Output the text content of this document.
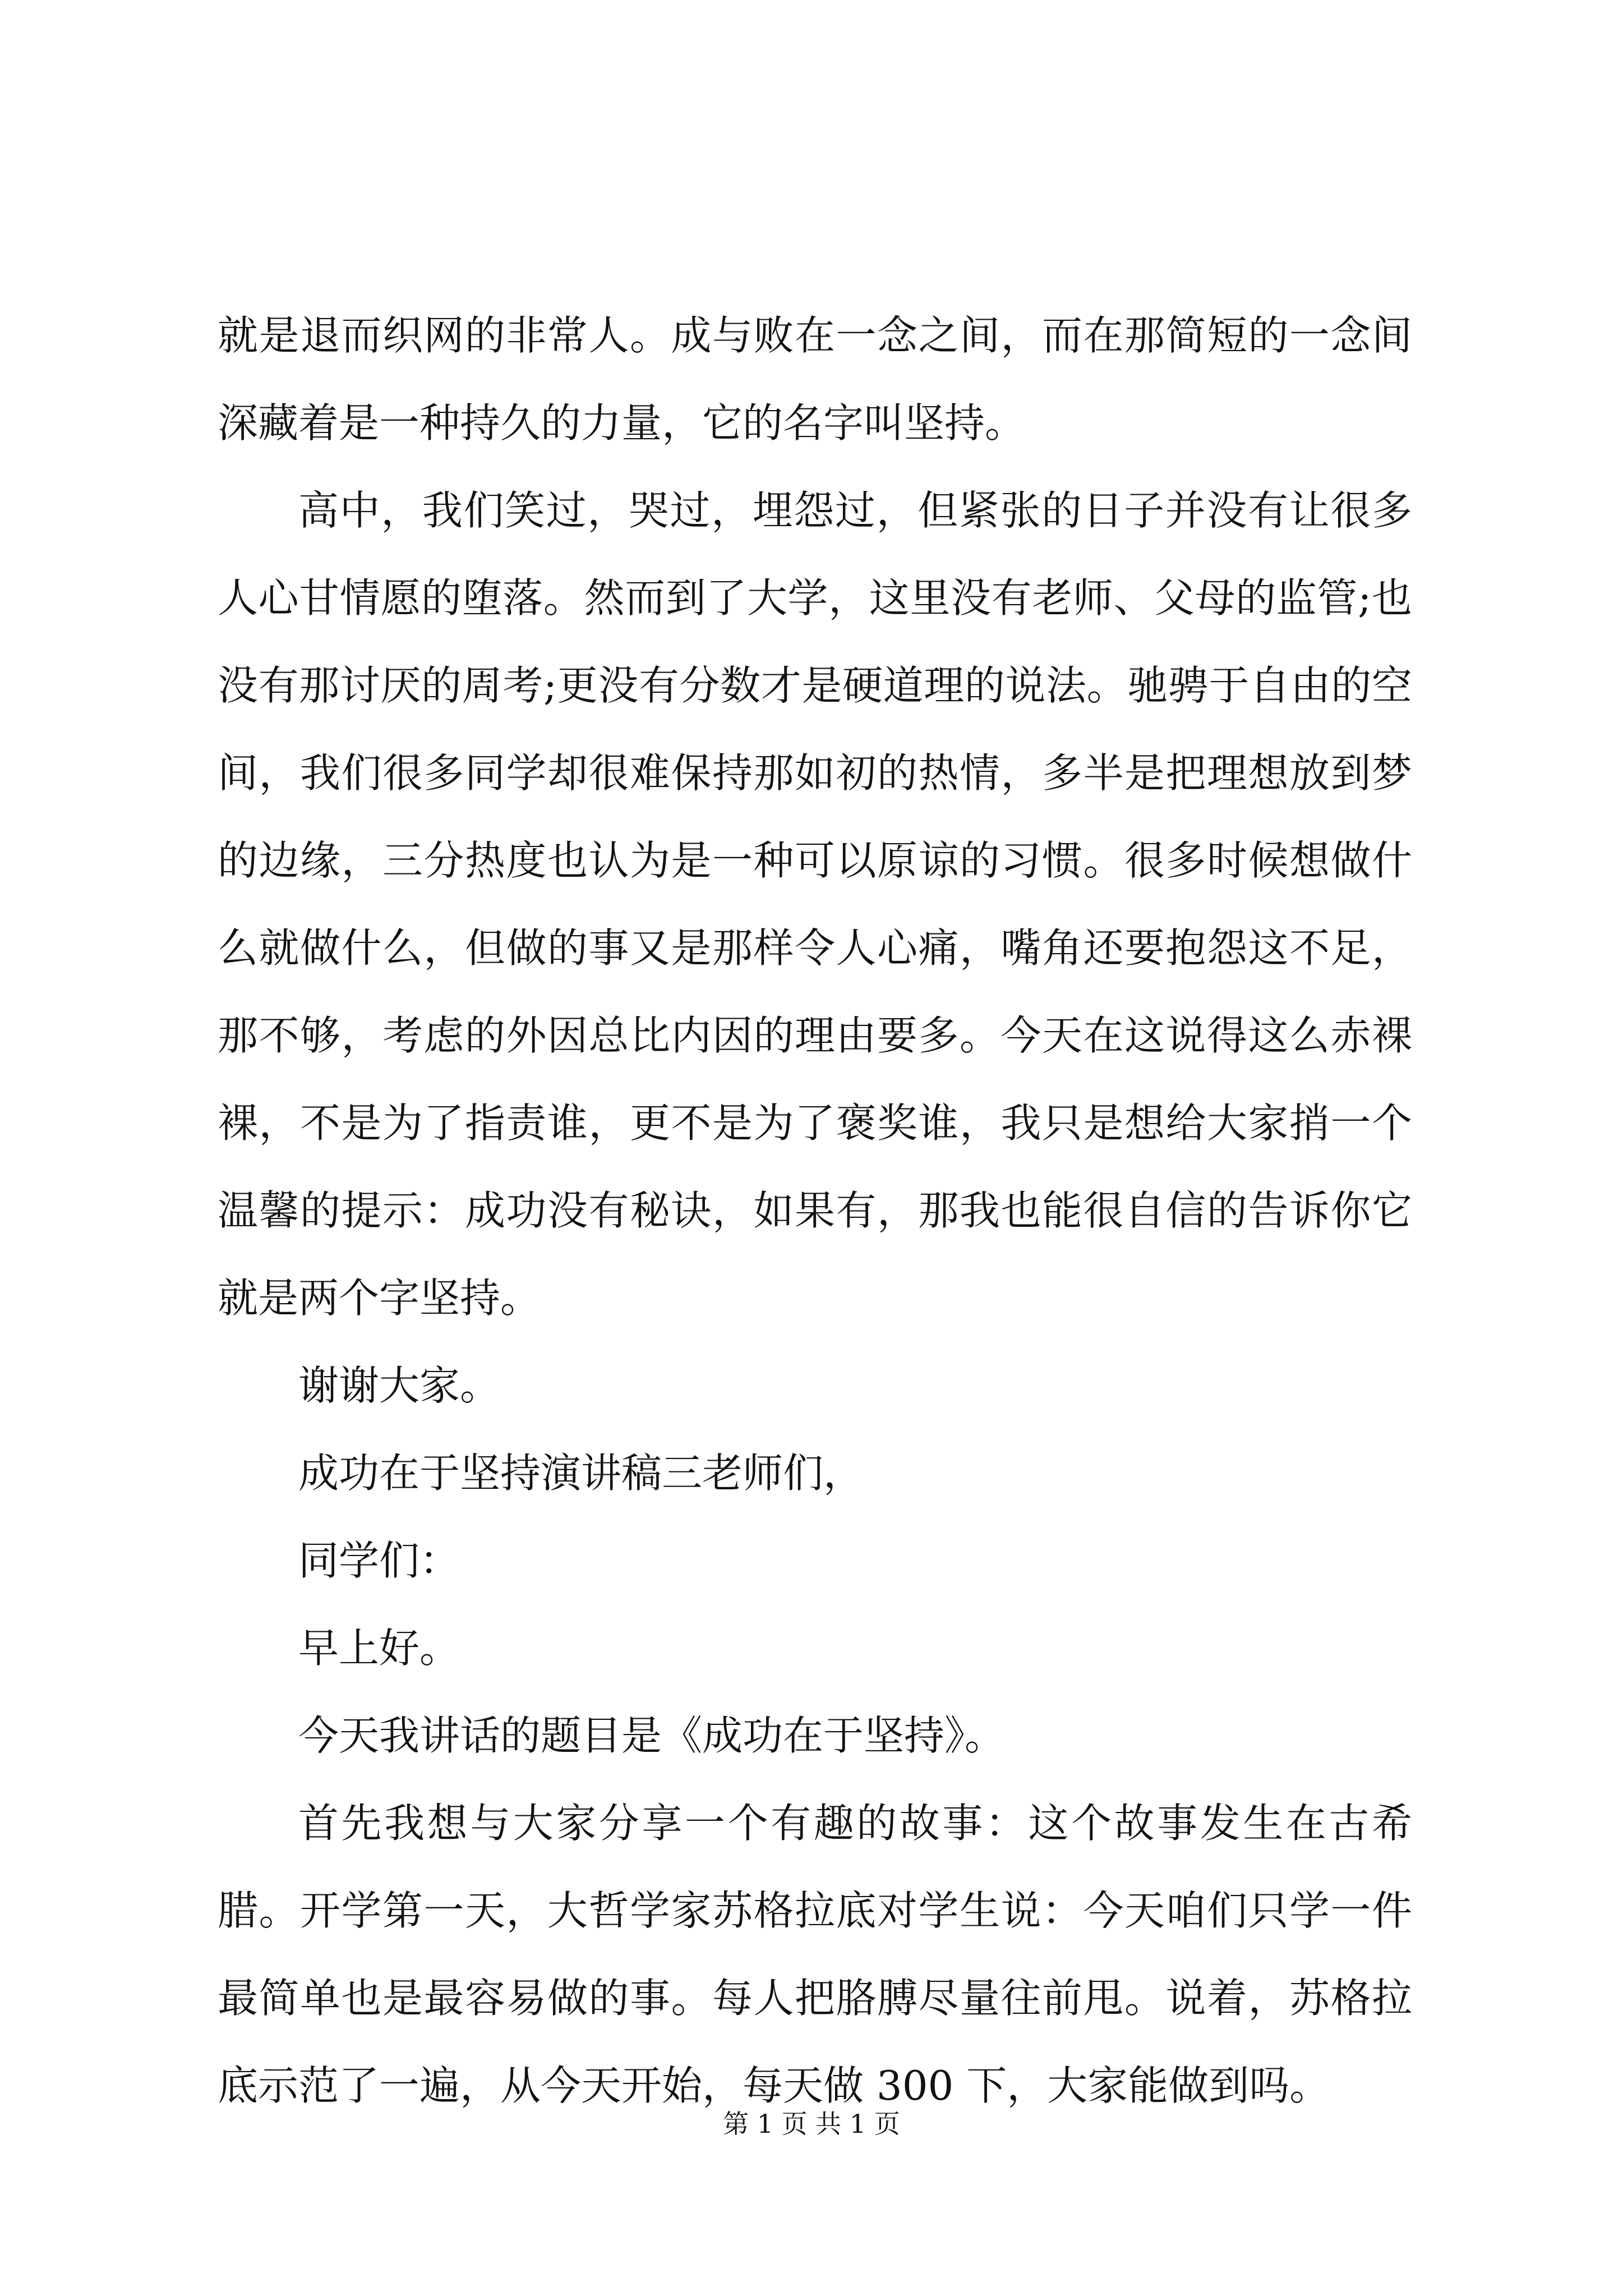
就是退而织网的非常人。成与败在一念之间，而在那简短的一念间深藏着是一种持久的力量，它的名字叫坚持。

高中，我们笑过，哭过，埋怨过，但紧张的日子并没有让很多人心甘情愿的堕落。然而到了大学，这里没有老师、父母的监管;也没有那讨厌的周考;更没有分数才是硬道理的说法。驰骋于自由的空间，我们很多同学却很难保持那如初的热情，多半是把理想放到梦的边缘，三分热度也认为是一种可以原谅的习惯。很多时候想做什么就做什么，但做的事又是那样令人心痛，嘴角还要抱怨这不足，那不够，考虑的外因总比内因的理由要多。今天在这说得这么赤裸裸，不是为了指责谁，更不是为了褒奖谁，我只是想给大家捎一个温馨的提示：成功没有秘诀，如果有，那我也能很自信的告诉你它就是两个字坚持。

谢谢大家。

成功在于坚持演讲稿三老师们，

同学们：

早上好。

今天我讲话的题目是《成功在于坚持》。

首先我想与大家分享一个有趣的故事：这个故事发生在古希腊。开学第一天，大哲学家苏格拉底对学生说：今天咱们只学一件最简单也是最容易做的事。每人把胳膊尽量往前甩。说着，苏格拉底示范了一遍，从今天开始，每天做 300 下，大家能做到吗。

第 1 页 共 1 页
